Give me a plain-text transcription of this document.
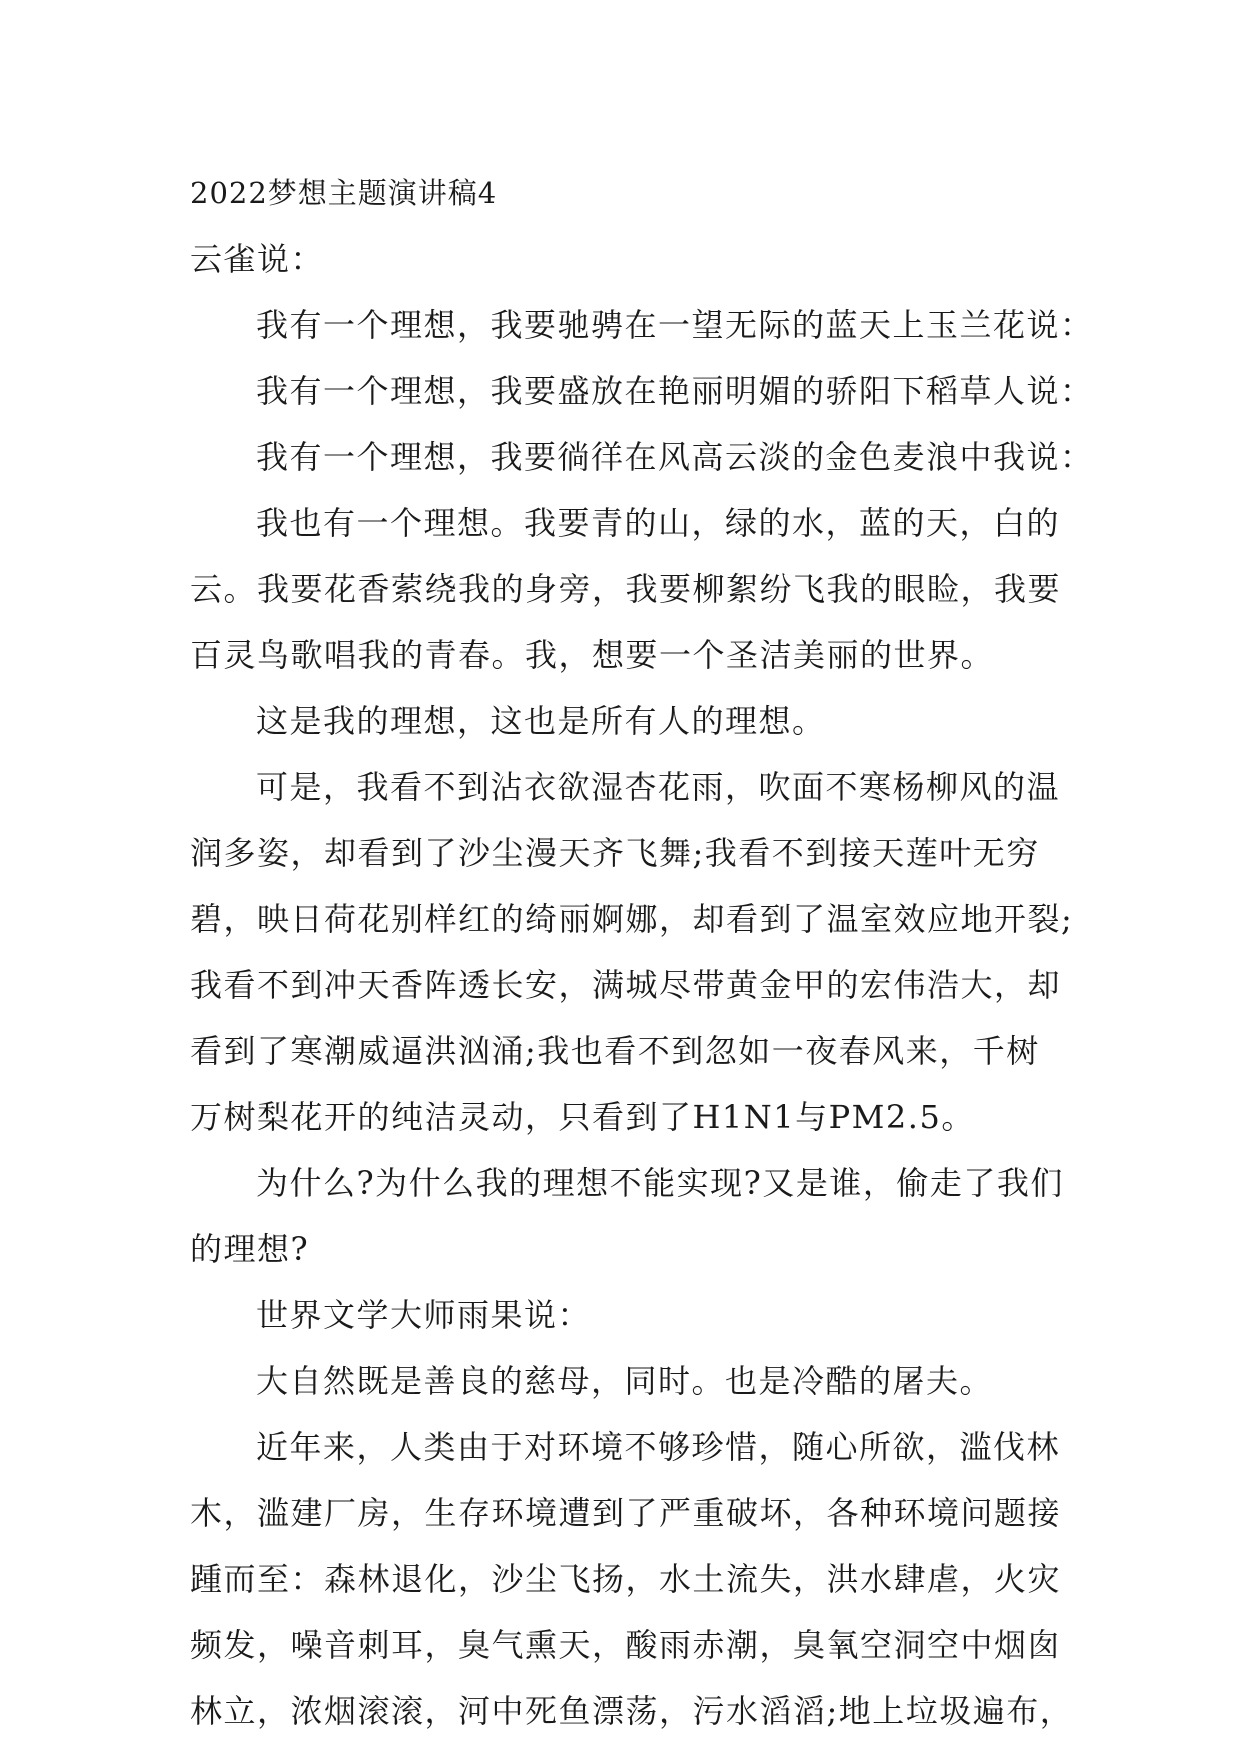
2022梦想主题演讲稿4
云雀说：
我有一个理想，我要驰骋在一望无际的蓝天上玉兰花说：
我有一个理想，我要盛放在艳丽明媚的骄阳下稻草人说：
我有一个理想，我要徜徉在风高云淡的金色麦浪中我说：
我也有一个理想。我要青的山，绿的水，蓝的天，白的
云。我要花香萦绕我的身旁，我要柳絮纷飞我的眼睑，我要
百灵鸟歌唱我的青春。我，想要一个圣洁美丽的世界。
这是我的理想，这也是所有人的理想。
可是，我看不到沾衣欲湿杏花雨，吹面不寒杨柳风的温
润多姿，却看到了沙尘漫天齐飞舞;我看不到接天莲叶无穷
碧，映日荷花别样红的绮丽婀娜，却看到了温室效应地开裂;
我看不到冲天香阵透长安，满城尽带黄金甲的宏伟浩大，却
看到了寒潮威逼洪汹涌;我也看不到忽如一夜春风来，千树
万树梨花开的纯洁灵动，只看到了H1N1与PM2.5。
为什么?为什么我的理想不能实现?又是谁，偷走了我们
的理想?
世界文学大师雨果说：
大自然既是善良的慈母，同时。也是冷酷的屠夫。
近年来，人类由于对环境不够珍惜，随心所欲，滥伐林
木，滥建厂房，生存环境遭到了严重破坏，各种环境问题接
踵而至：森林退化，沙尘飞扬，水土流失，洪水肆虐，火灾
频发，噪音刺耳，臭气熏天，酸雨赤潮，臭氧空洞空中烟囱
林立，浓烟滚滚，河中死鱼漂荡，污水滔滔;地上垃圾遍布，
